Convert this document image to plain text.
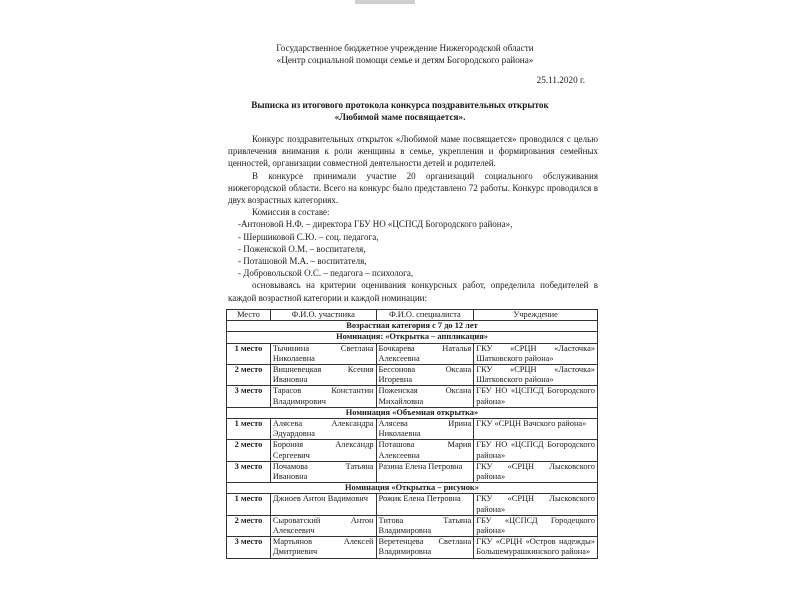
Государственное бюджетное учреждение Нижегородской области
«Центр социальной помощи семье и детям Богородского района»
25.11.2020 г.
Выписка из итогового протокола конкурса поздравительных открыток
«Любимой маме посвящается».

Конкурс поздравительных открыток «Любимой маме посвящается» проводился с целью привлечения внимания к роли женщины в семье, укрепления и формирования семейных ценностей, организации совместной деятельности детей и родителей.

В конкурсе принимали участие 20 организаций социального обслуживания нижегородской области. Всего на конкурс было представлено 72 работы. Конкурс проводился в двух возрастных категориях.

Комиссия в составе:

-Антоновой Н.Ф. – директора ГБУ НО «ЦСПСД Богородского района»,

- Шершиковой С.Ю. – соц. педагога,

- Поженской О.М. – воспитателя,

- Поташовой М.А. – воспитателя,

- Добровольской О.С. – педагога – психолога,

основываясь на критерии оценивания конкурсных работ, определила победителей в каждой возрастной категории и каждой номинации:

Место	Ф.И.О. участника	Ф.И.О. специалиста	Учреждение
Возрастная категория с 7 до 12 лет			
Номинация: «Открытка – аппликация»			
1 место	Тычинина Светлана Николаевна	Бочкарева Наталья Алексеевна	ГКУ «СРЦН «Ласточка» Шатковского района»
2 место	Вишневецкая Ксения Ивановна	Бессонова Оксана Игоревна	ГКУ «СРЦН «Ласточка» Шатковского района»
3 место	Тарасов Константин Владимирович	Поженская Оксана Михайловна	ГБУ НО «ЦСПСД Богородского района»
Номинация «Объемная открытка»			
1 место	Алясева Александра Эдуардовна	Алясева Ирина Николаевна	ГКУ «СРЦН Вачского района»
2 место	Борония Александр Сергеевич	Поташова Мария Алексеевна	ГБУ НО «ЦСПСД Богородского района»
3 место	Почамова Татьяна Ивановна	Разина Елена Петровна	ГКУ «СРЦН Лысковского района»
Номинация «Открытка – рисунок»			
1 место	Джиоев Антон Вадимович	Рожик Елена Петровна	ГКУ «СРЦН Лысковского района»
2 место	Сыроватский Антон Алексеевич	Титова Татьяна Владимировна	ГБУ «ЦСПСД Городецкого района»
3 место	Мартьянов Алексей Дмитриевич	Веретенцева Светлана Владимировна	ГКУ «СРЦН «Остров надежды» Большемурашкинского района»
